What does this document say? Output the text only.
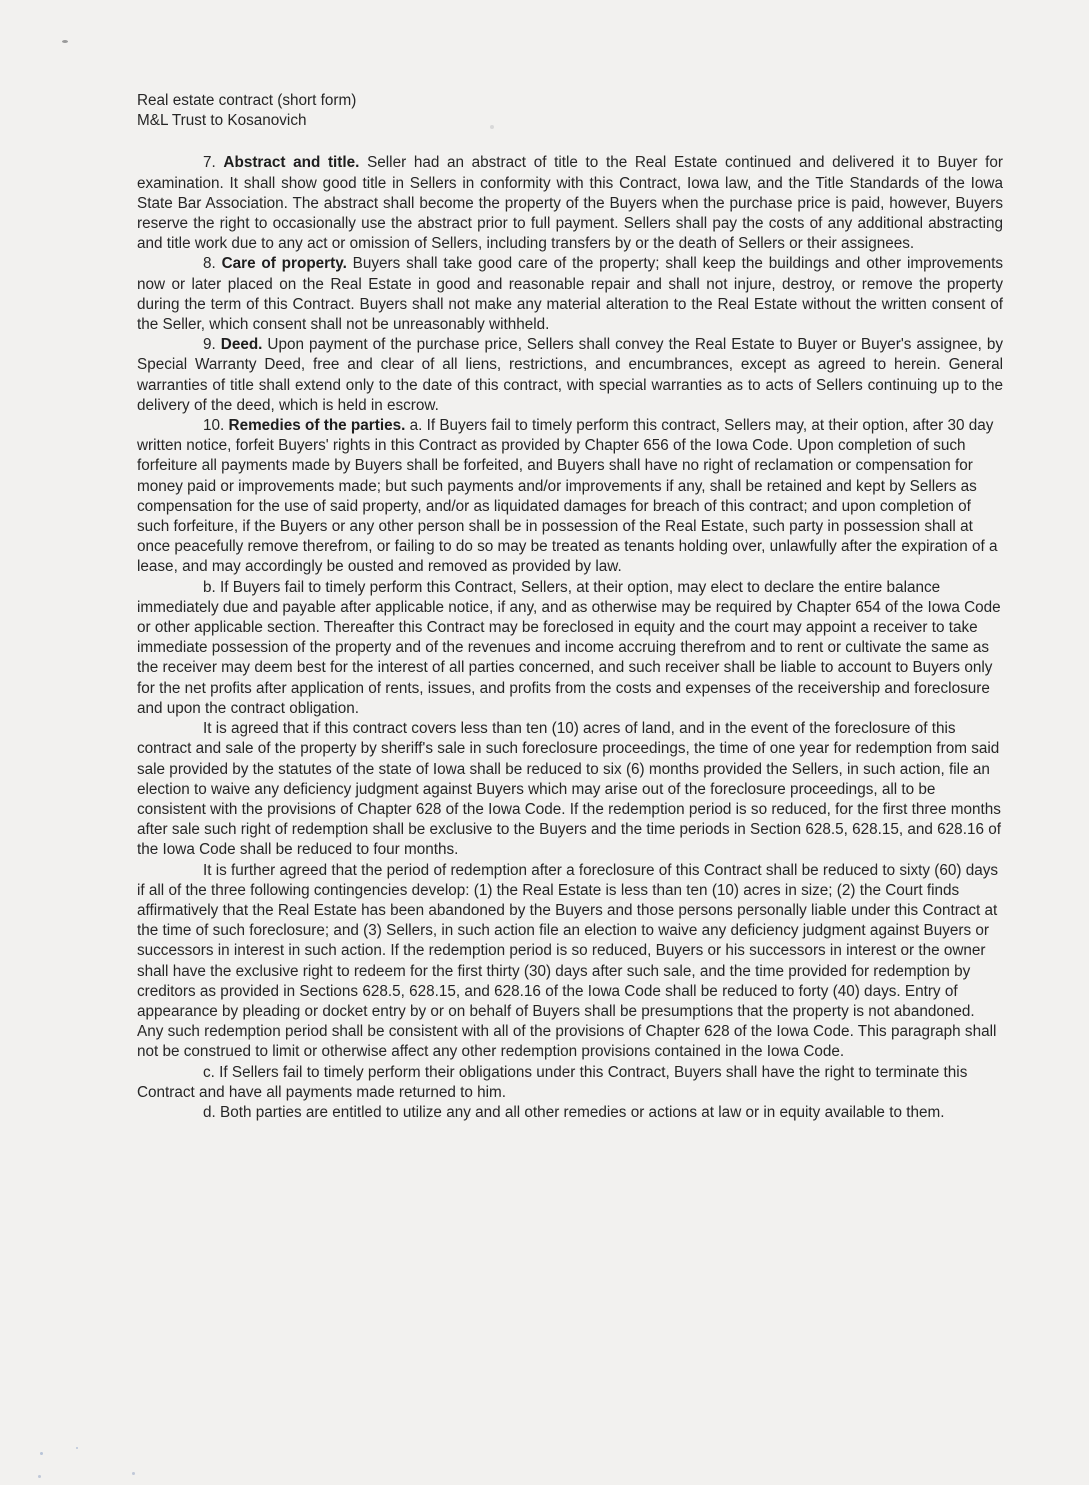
Real estate contract (short form)

M&L Trust to Kosanovich

7. Abstract and title. Seller had an abstract of title to the Real Estate continued and delivered it to Buyer for examination. It shall show good title in Sellers in conformity with this Contract, Iowa law, and the Title Standards of the Iowa State Bar Association. The abstract shall become the property of the Buyers when the purchase price is paid, however, Buyers reserve the right to occasionally use the abstract prior to full payment. Sellers shall pay the costs of any additional abstracting and title work due to any act or omission of Sellers, including transfers by or the death of Sellers or their assignees.

8. Care of property. Buyers shall take good care of the property; shall keep the buildings and other improvements now or later placed on the Real Estate in good and reasonable repair and shall not injure, destroy, or remove the property during the term of this Contract. Buyers shall not make any material alteration to the Real Estate without the written consent of the Seller, which consent shall not be unreasonably withheld.

9. Deed. Upon payment of the purchase price, Sellers shall convey the Real Estate to Buyer or Buyer's assignee, by Special Warranty Deed, free and clear of all liens, restrictions, and encumbrances, except as agreed to herein. General warranties of title shall extend only to the date of this contract, with special warranties as to acts of Sellers continuing up to the delivery of the deed, which is held in escrow.

10. Remedies of the parties. a. If Buyers fail to timely perform this contract, Sellers may, at their option, after 30 day written notice, forfeit Buyers' rights in this Contract as provided by Chapter 656 of the Iowa Code. Upon completion of such forfeiture all payments made by Buyers shall be forfeited, and Buyers shall have no right of reclamation or compensation for money paid or improvements made; but such payments and/or improvements if any, shall be retained and kept by Sellers as compensation for the use of said property, and/or as liquidated damages for breach of this contract; and upon completion of such forfeiture, if the Buyers or any other person shall be in possession of the Real Estate, such party in possession shall at once peacefully remove therefrom, or failing to do so may be treated as tenants holding over, unlawfully after the expiration of a lease, and may accordingly be ousted and removed as provided by law.

b. If Buyers fail to timely perform this Contract, Sellers, at their option, may elect to declare the entire balance immediately due and payable after applicable notice, if any, and as otherwise may be required by Chapter 654 of the Iowa Code or other applicable section. Thereafter this Contract may be foreclosed in equity and the court may appoint a receiver to take immediate possession of the property and of the revenues and income accruing therefrom and to rent or cultivate the same as the receiver may deem best for the interest of all parties concerned, and such receiver shall be liable to account to Buyers only for the net profits after application of rents, issues, and profits from the costs and expenses of the receivership and foreclosure and upon the contract obligation.

It is agreed that if this contract covers less than ten (10) acres of land, and in the event of the foreclosure of this contract and sale of the property by sheriff's sale in such foreclosure proceedings, the time of one year for redemption from said sale provided by the statutes of the state of Iowa shall be reduced to six (6) months provided the Sellers, in such action, file an election to waive any deficiency judgment against Buyers which may arise out of the foreclosure proceedings, all to be consistent with the provisions of Chapter 628 of the Iowa Code. If the redemption period is so reduced, for the first three months after sale such right of redemption shall be exclusive to the Buyers and the time periods in Section 628.5, 628.15, and 628.16 of the Iowa Code shall be reduced to four months.

It is further agreed that the period of redemption after a foreclosure of this Contract shall be reduced to sixty (60) days if all of the three following contingencies develop: (1) the Real Estate is less than ten (10) acres in size; (2) the Court finds affirmatively that the Real Estate has been abandoned by the Buyers and those persons personally liable under this Contract at the time of such foreclosure; and (3) Sellers, in such action file an election to waive any deficiency judgment against Buyers or successors in interest in such action. If the redemption period is so reduced, Buyers or his successors in interest or the owner shall have the exclusive right to redeem for the first thirty (30) days after such sale, and the time provided for redemption by creditors as provided in Sections 628.5, 628.15, and 628.16 of the Iowa Code shall be reduced to forty (40) days. Entry of appearance by pleading or docket entry by or on behalf of Buyers shall be presumptions that the property is not abandoned. Any such redemption period shall be consistent with all of the provisions of Chapter 628 of the Iowa Code. This paragraph shall not be construed to limit or otherwise affect any other redemption provisions contained in the Iowa Code.

c. If Sellers fail to timely perform their obligations under this Contract, Buyers shall have the right to terminate this Contract and have all payments made returned to him.

d. Both parties are entitled to utilize any and all other remedies or actions at law or in equity available to them.
